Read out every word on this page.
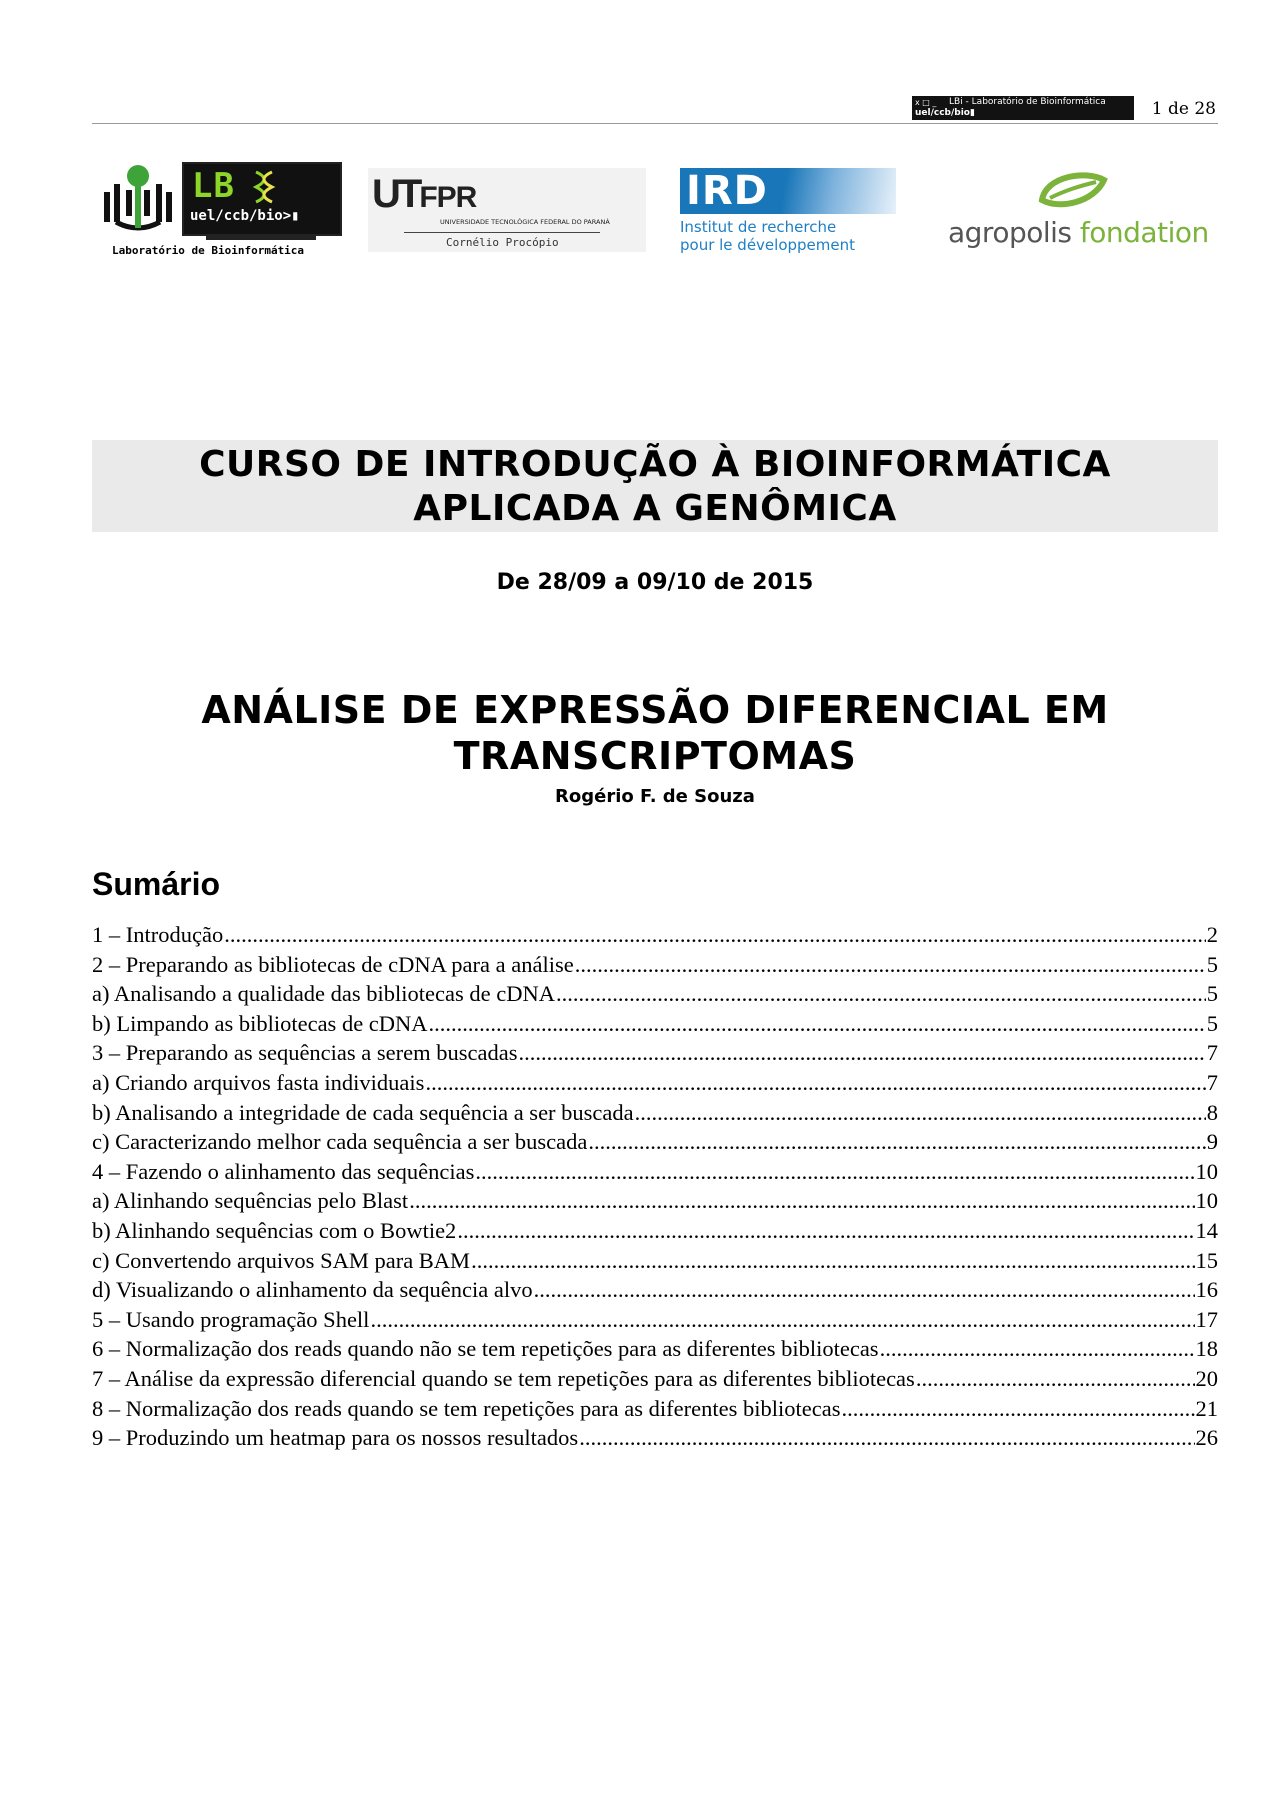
x □ _	LBi - Laboratório de Bioinformática
uel/ccb/bio▮	1 de 28
LB
uel/ccb/bio>▮
Laboratório de Bioinformática
UTFPR
UNIVERSIDADE TECNOLÓGICA FEDERAL DO PARANÁ
Cornélio Procópio
IRD
Institut de recherche
pour le développement	agropolis fondation
CURSO DE INTRODUÇÃO À BIOINFORMÁTICA
APLICADA A GENÔMICA
De 28/09 a 09/10 de 2015
ANÁLISE DE EXPRESSÃO DIFERENCIAL EM
TRANSCRIPTOMAS
Rogério F. de Souza
Sumário
1 – Introdução .....	2
2 – Preparando as bibliotecas de cDNA para a análise .....	5
a) Analisando a qualidade das bibliotecas de cDNA .....	5
b) Limpando as bibliotecas de cDNA .....	5
3 – Preparando as sequências a serem buscadas .....	7
a) Criando arquivos fasta individuais .....	7
b) Analisando a integridade de cada sequência a ser buscada .....	8
c) Caracterizando melhor cada sequência a ser buscada .....	9
4 – Fazendo o alinhamento das sequências .....	10
a) Alinhando sequências pelo Blast .....	10
b) Alinhando sequências com o Bowtie2 .....	14
c) Convertendo arquivos SAM para BAM .....	15
d) Visualizando o alinhamento da sequência alvo .....	16
5 – Usando programação Shell .....	17
6 – Normalização dos reads quando não se tem repetições para as diferentes bibliotecas .....	18
7 – Análise da expressão diferencial quando se tem repetições para as diferentes bibliotecas .....	20
8 – Normalização dos reads quando se tem repetições para as diferentes bibliotecas .....	21
9 – Produzindo um heatmap para os nossos resultados .....	26
